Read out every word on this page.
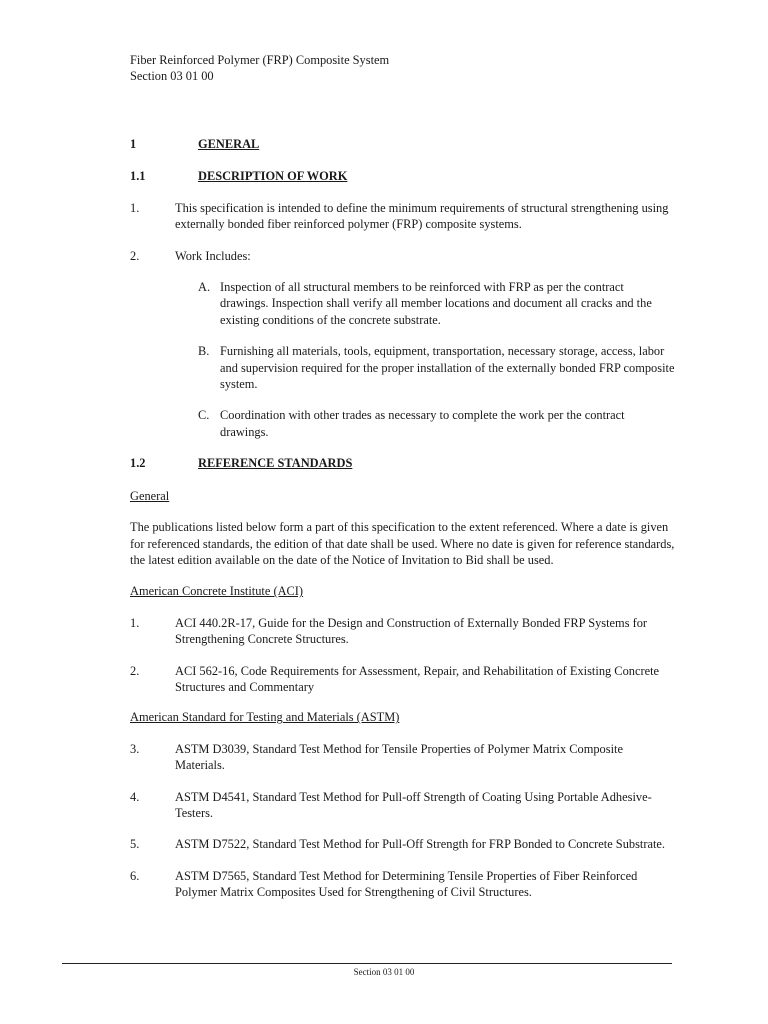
Fiber Reinforced Polymer (FRP) Composite System
Section 03 01 00
1	GENERAL
1.1	DESCRIPTION OF WORK
1.	This specification is intended to define the minimum requirements of structural strengthening using externally bonded fiber reinforced polymer (FRP) composite systems.
2.	Work Includes:
A. Inspection of all structural members to be reinforced with FRP as per the contract drawings. Inspection shall verify all member locations and document all cracks and the existing conditions of the concrete substrate.
B. Furnishing all materials, tools, equipment, transportation, necessary storage, access, labor and supervision required for the proper installation of the externally bonded FRP composite system.
C. Coordination with other trades as necessary to complete the work per the contract drawings.
1.2	REFERENCE STANDARDS
General
The publications listed below form a part of this specification to the extent referenced. Where a date is given for referenced standards, the edition of that date shall be used. Where no date is given for reference standards, the latest edition available on the date of the Notice of Invitation to Bid shall be used.
American Concrete Institute (ACI)
1.	ACI 440.2R-17, Guide for the Design and Construction of Externally Bonded FRP Systems for Strengthening Concrete Structures.
2.	ACI 562-16, Code Requirements for Assessment, Repair, and Rehabilitation of Existing Concrete Structures and Commentary
American Standard for Testing and Materials (ASTM)
3.	ASTM D3039, Standard Test Method for Tensile Properties of Polymer Matrix Composite Materials.
4.	ASTM D4541, Standard Test Method for Pull-off Strength of Coating Using Portable Adhesive-Testers.
5.	ASTM D7522, Standard Test Method for Pull-Off Strength for FRP Bonded to Concrete Substrate.
6.	ASTM D7565, Standard Test Method for Determining Tensile Properties of Fiber Reinforced Polymer Matrix Composites Used for Strengthening of Civil Structures.
Section 03 01 00
